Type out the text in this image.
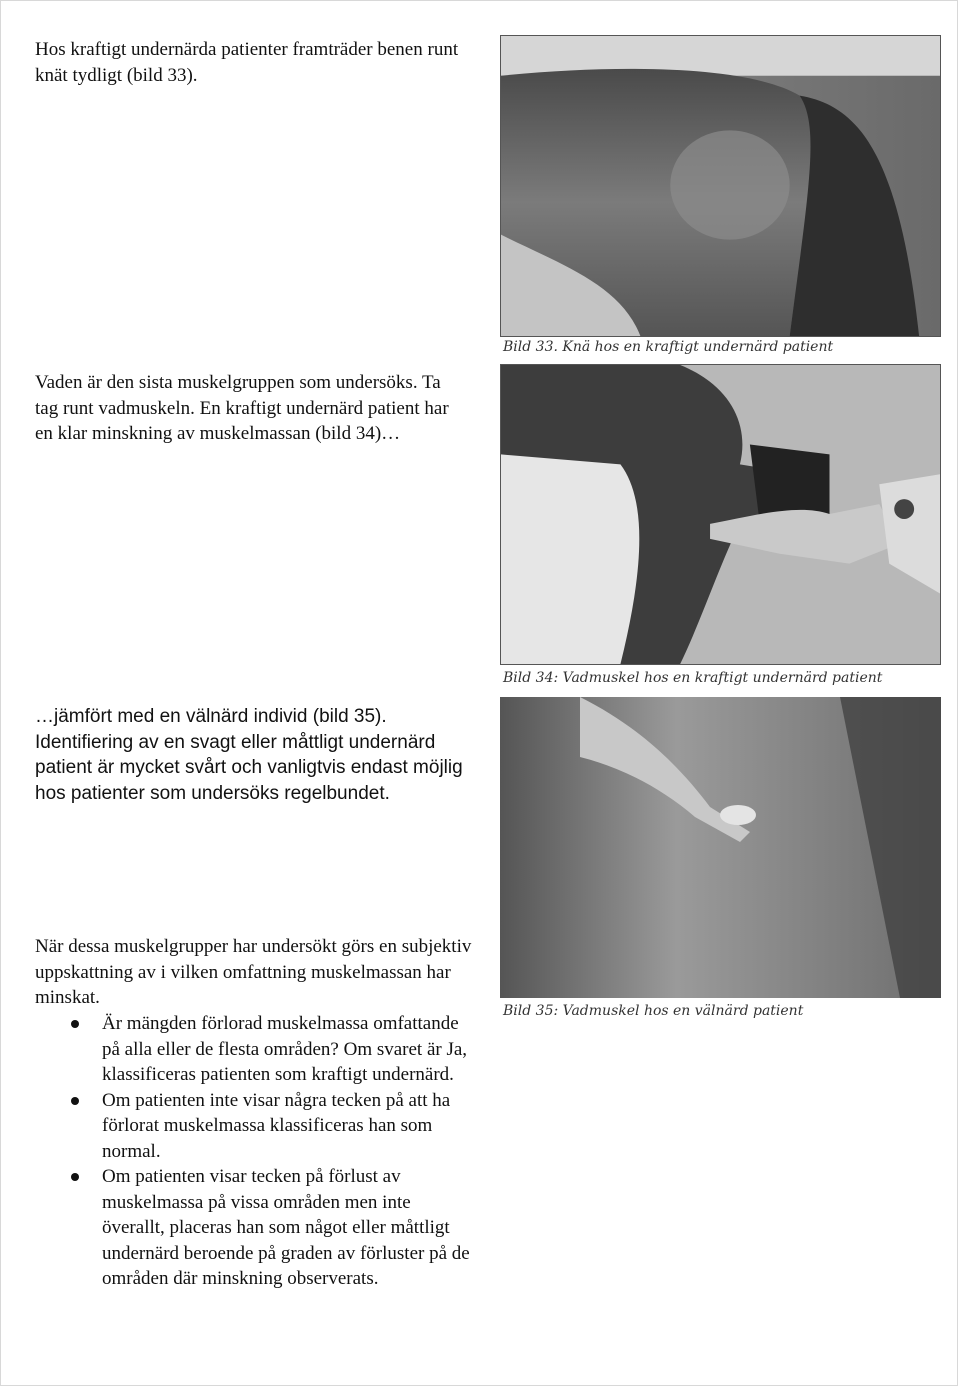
Hos kraftigt undernärda patienter framträder benen runt knät tydligt (bild 33).

Vaden är den sista muskelgruppen som undersöks. Ta tag runt vadmuskeln. En kraftigt undernärd patient har en klar minskning av muskelmassan (bild 34)…

…jämfört med en välnärd individ (bild 35). Identifiering av en svagt eller måttligt undernärd patient är mycket svårt och vanligtvis endast möjlig hos patienter som undersöks regelbundet.

När dessa muskelgrupper har undersökt görs en subjektiv uppskattning av i vilken omfattning muskelmassan har minskat.

Är mängden förlorad muskelmassa omfattande på alla eller de flesta områden? Om svaret är Ja, klassificeras patienten som kraftigt undernärd.
Om patienten inte visar några tecken på att ha förlorat muskelmassa klassificeras han som normal.
Om patienten visar tecken på förlust av muskelmassa på vissa områden men inte överallt, placeras han som något eller måttligt undernärd beroende på graden av förluster på de områden där minskning observerats.

Bild 33. Knä hos en kraftigt undernärd patient

Bild 34: Vadmuskel hos en kraftigt undernärd patient

Bild 35: Vadmuskel hos en välnärd patient
